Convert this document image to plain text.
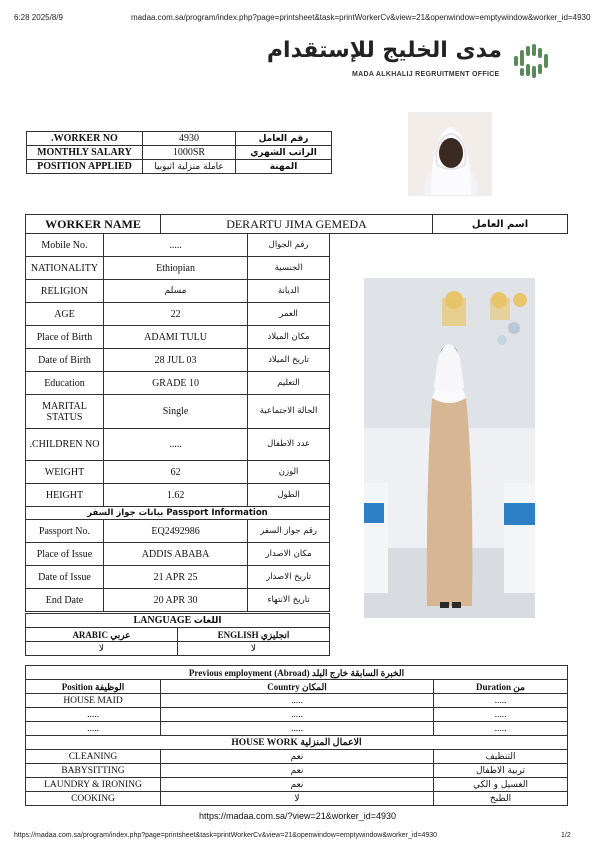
6:28 2025/8/9	madaa.com.sa/program/index.php?page=printsheet&task=printWorkerCv&view=21&openwindow=emptywindow&worker_id=4930
مدى الخليج للإستقدام
MADA ALKHALIJ REGRUITMENT OFFICE
.WORKER NO	4930	رقم العامل
MONTHLY SALARY	1000SR	الراتب الشهري
POSITION APPLIED	عاملة منزلية اثيوبيا	المهنة
WORKER NAME	DERARTU JIMA GEMEDA	اسم العامل
Mobile No.	.....	رقم الجوال
NATIONALITY	Ethiopian	الجنسية
RELIGION	مسلم	الديانة
AGE	22	العمر
Place of Birth	ADAMI TULU	مكان الميلاد
Date of Birth	28 JUL 03	تاريخ الميلاد
Education	GRADE 10	التعليم
MARITAL STATUS	Single	الحالة الاجتماعية
.CHILDREN NO	.....	عدد الاطفال
WEIGHT	62	الوزن
HEIGHT	1.62	الطول
Passport Information بيانات جواز السفر		
Passport No.	EQ2492986	رقم جواز السفر
Place of Issue	ADDIS ABABA	مكان الاصدار
Date of Issue	21 APR 25	تاريخ الاصدار
End Date	20 APR 30	تاريخ الانتهاء
LANGUAGE اللغات	
ARABIC عربي	ENGLISH انجليزي
لا	لا
Previous employment (Abroad) الخبرة السابقة خارج البلد		
Position الوظيفة	Country المكان	Duration من
HOUSE MAID	.....	.....
.....	.....	.....
.....	.....	.....
HOUSE WORK الاعمال المنزلية		
CLEANING	نعم	التنظيف
BABYSITTING	نعم	تربية الاطفال
LAUNDRY & IRONING	نعم	الغسيل و الكي
COOKING	لا	الطبخ
https://madaa.com.sa/?view=21&worker_id=4930
https://madaa.com.sa/program/index.php?page=printsheet&task=printWorkerCv&view=21&openwindow=emptywindow&worker_id=4930	1/2
